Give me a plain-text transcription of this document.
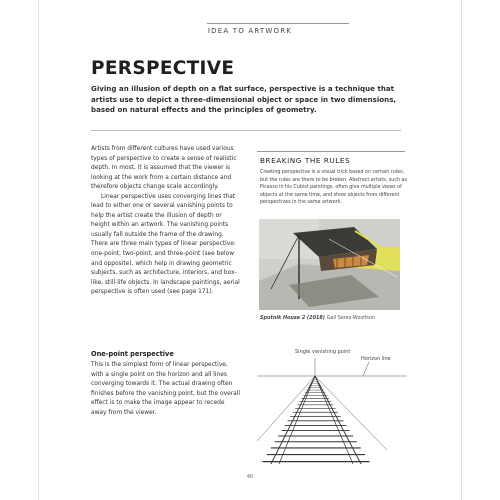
IDEA TO ARTWORK
PERSPECTIVE
Giving an illusion of depth on a flat surface, perspective is a technique that artists use to depict a three-dimensional object or space in two dimensions, based on natural effects and the principles of geometry.

Artists from different cultures have used various types of perspective to create a sense of realistic depth. In most, it is assumed that the viewer is looking at the work from a certain distance and therefore objects change scale accordingly.

Linear perspective uses converging lines that lead to either one or several vanishing points to help the artist create the illusion of depth or height within an artwork. The vanishing points usually fall outside the frame of the drawing. There are three main types of linear perspective: one-point, two-point, and three-point (see below and opposite), which help in drawing geometric subjects, such as architecture, interiors, and box-like, still-life objects. In landscape paintings, aerial perspective is often used (see page 171).

One-point perspective
This is the simplest form of linear perspective, with a single point on the horizon and all lines converging towards it. The actual drawing often finishes before the vanishing point, but the overall effect is to make the image appear to recede away from the viewer.
BREAKING THE RULES
Creating perspective is a visual trick based on certain rules, but the rules are there to be broken. Abstract artists, such as Picasso in his Cubist paintings, often give multiple views of objects at the same time, and show objects from different perspectives in the same artwork.
Sputnik House 2 (2018) Gail Seres-Woolfson
Single vanishing point
Horizon line
40
